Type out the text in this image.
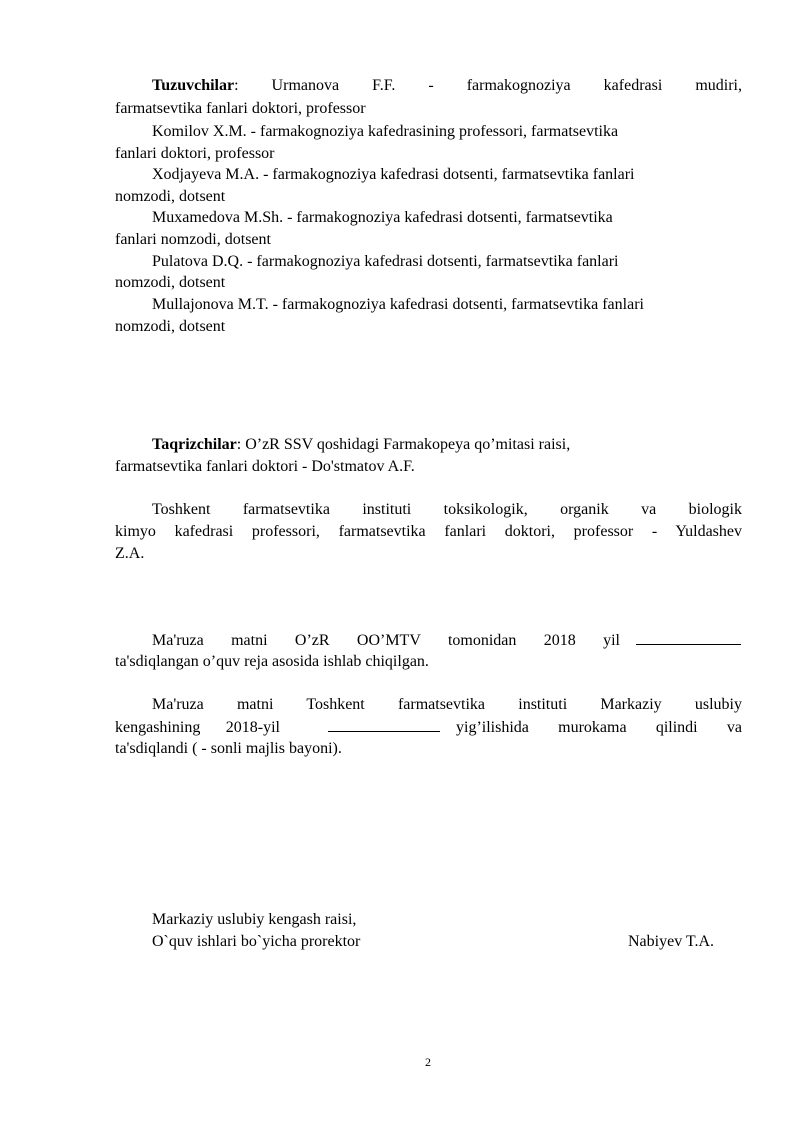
Tuzuvchilar: Urmanova F.F. - farmakognoziya kafedrasi mudiri,
farmatsevtika fanlari doktori, professor
Komilov X.M. - farmakognoziya kafedrasining professori, farmatsevtika
fanlari doktori, professor
Xodjayeva M.A. - farmakognoziya kafedrasi dotsenti, farmatsevtika fanlari
nomzodi, dotsent
Muxamedova M.Sh. - farmakognoziya kafedrasi dotsenti, farmatsevtika
fanlari nomzodi, dotsent
Pulatova D.Q. - farmakognoziya kafedrasi dotsenti, farmatsevtika fanlari
nomzodi, dotsent
Mullajonova M.T. - farmakognoziya kafedrasi dotsenti, farmatsevtika fanlari
nomzodi, dotsent
Taqrizchilar: O’zR SSV qoshidagi Farmakopeya qo’mitasi raisi,
farmatsevtika fanlari doktori - Do'stmatov A.F.
Toshkent farmatsevtika instituti toksikologik, organik va biologik
kimyo kafedrasi professori, farmatsevtika fanlari doktori, professor - Yuldashev
Z.A.
Ma'ruza matni O’zR OO’MTV tomonidan 2018 yil
ta'sdiqlangan o’quv reja asosida ishlab chiqilgan.
Ma'ruza matni Toshkent farmatsevtika instituti Markaziy uslubiy
kengashining 2018-yil	yig’ilishida murokama qilindi va
ta'sdiqlandi ( - sonli majlis bayoni).
Markaziy uslubiy kengash raisi,
O`quv ishlari bo`yicha prorektor	Nabiyev T.A.
2
